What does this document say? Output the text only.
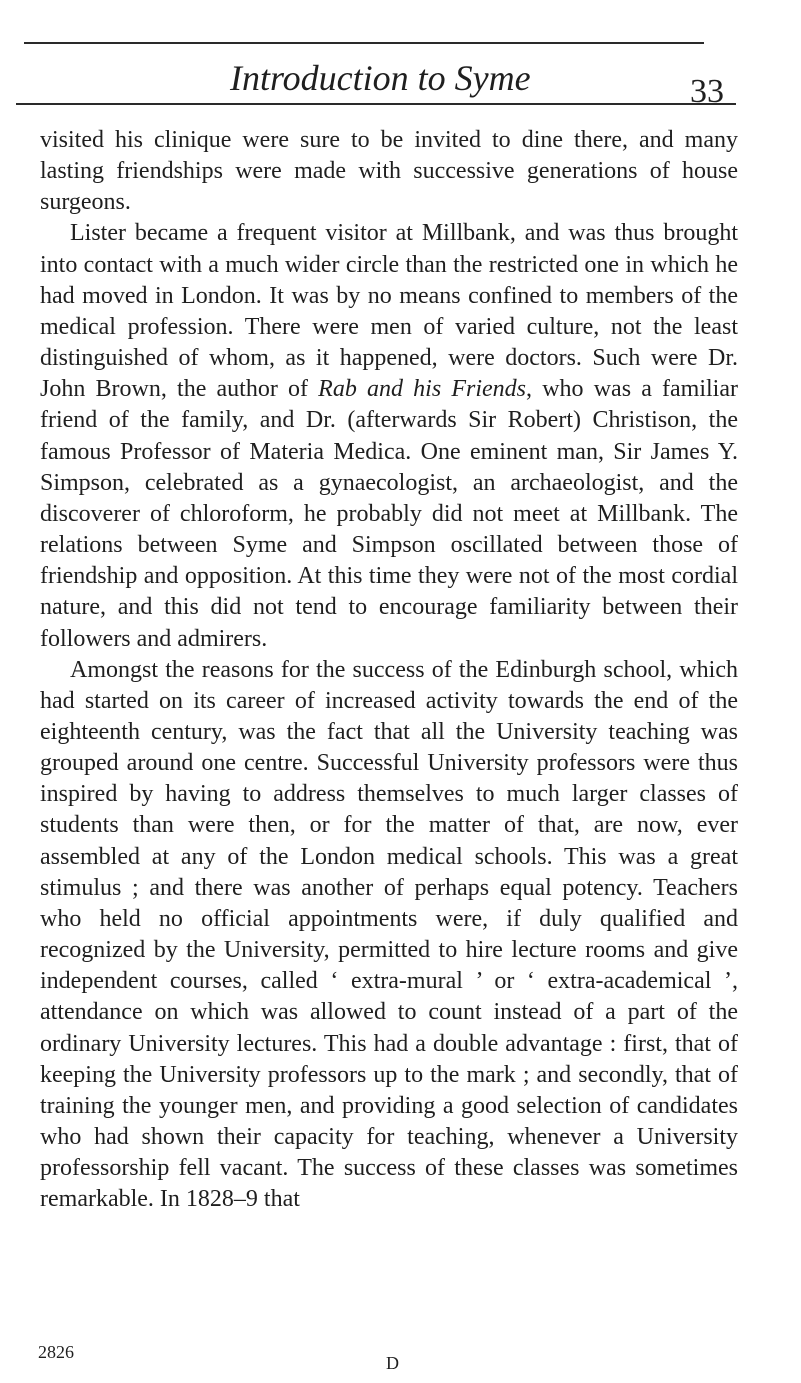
Introduction to Syme	33

visited his clinique were sure to be invited to dine there, and many lasting friendships were made with successive generations of house surgeons.

Lister became a frequent visitor at Millbank, and was thus brought into contact with a much wider circle than the restricted one in which he had moved in London. It was by no means confined to members of the medical profession. There were men of varied culture, not the least distinguished of whom, as it happened, were doctors. Such were Dr. John Brown, the author of Rab and his Friends, who was a familiar friend of the family, and Dr. (afterwards Sir Robert) Christison, the famous Professor of Materia Medica. One eminent man, Sir James Y. Simpson, celebrated as a gynaecologist, an archaeologist, and the discoverer of chloroform, he probably did not meet at Millbank. The relations between Syme and Simpson oscillated between those of friendship and opposition. At this time they were not of the most cordial nature, and this did not tend to encourage familiarity between their followers and admirers.

Amongst the reasons for the success of the Edinburgh school, which had started on its career of increased activity towards the end of the eighteenth century, was the fact that all the University teaching was grouped around one centre. Successful University professors were thus inspired by having to address themselves to much larger classes of students than were then, or for the matter of that, are now, ever assembled at any of the London medical schools. This was a great stimulus ; and there was another of perhaps equal potency. Teachers who held no official appointments were, if duly qualified and recognized by the University, permitted to hire lecture rooms and give independent courses, called ‘ extra-mural ’ or ‘ extra-academical ’, attendance on which was allowed to count instead of a part of the ordinary University lectures. This had a double advantage : first, that of keeping the University professors up to the mark ; and secondly, that of training the younger men, and providing a good selection of candidates who had shown their capacity for teaching, whenever a University professorship fell vacant. The success of these classes was sometimes remarkable. In 1828–9 that

2826
D
